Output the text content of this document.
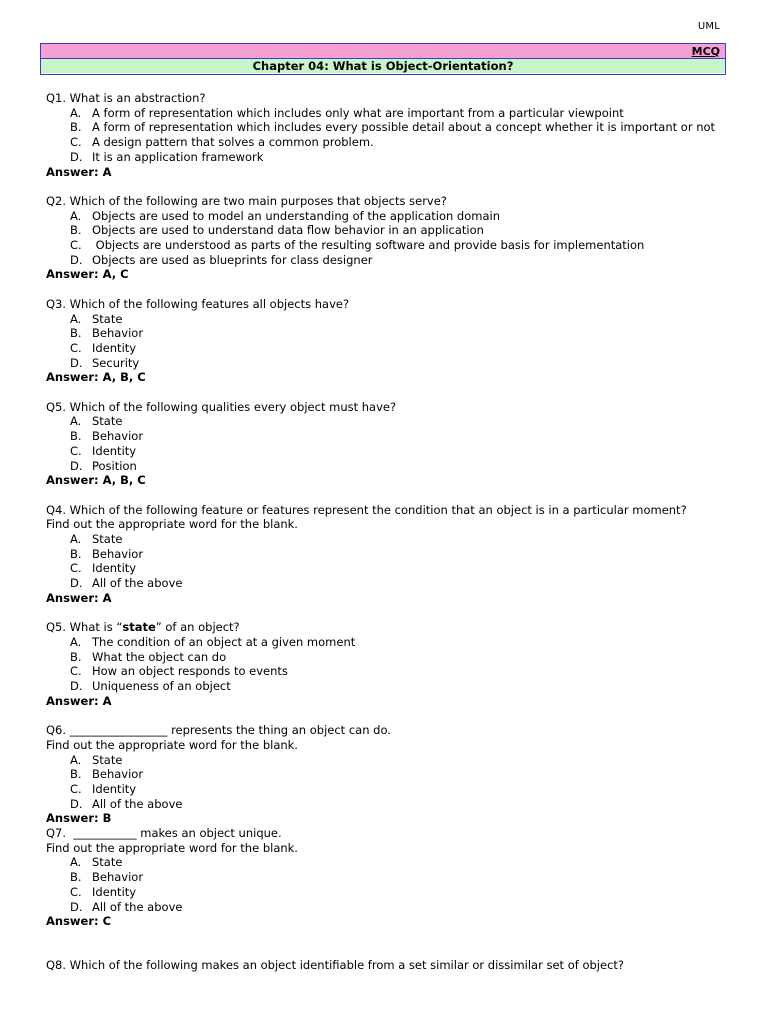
UML
MCQ
Chapter 04: What is Object-Orientation?
Q1. What is an abstraction?
A. A form of representation which includes only what are important from a particular viewpoint
B. A form of representation which includes every possible detail about a concept whether it is important or not
C. A design pattern that solves a common problem.
D. It is an application framework
Answer: A
Q2. Which of the following are two main purposes that objects serve?
A. Objects are used to model an understanding of the application domain
B. Objects are used to understand data flow behavior in an application
C. Objects are understood as parts of the resulting software and provide basis for implementation
D. Objects are used as blueprints for class designer
Answer: A, C
Q3. Which of the following features all objects have?
A. State
B. Behavior
C. Identity
D. Security
Answer: A, B, C
Q5. Which of the following qualities every object must have?
A. State
B. Behavior
C. Identity
D. Position
Answer: A, B, C
Q4. Which of the following feature or features represent the condition that an object is in a particular moment?
Find out the appropriate word for the blank.
A. State
B. Behavior
C. Identity
D. All of the above
Answer: A
Q5. What is “state” of an object?
A. The condition of an object at a given moment
B. What the object can do
C. How an object responds to events
D. Uniqueness of an object
Answer: A
Q6. _________________ represents the thing an object can do.
Find out the appropriate word for the blank.
A. State
B. Behavior
C. Identity
D. All of the above
Answer: B
Q7.  ___________ makes an object unique.
Find out the appropriate word for the blank.
A. State
B. Behavior
C. Identity
D. All of the above
Answer: C
Q8. Which of the following makes an object identifiable from a set similar or dissimilar set of object?
